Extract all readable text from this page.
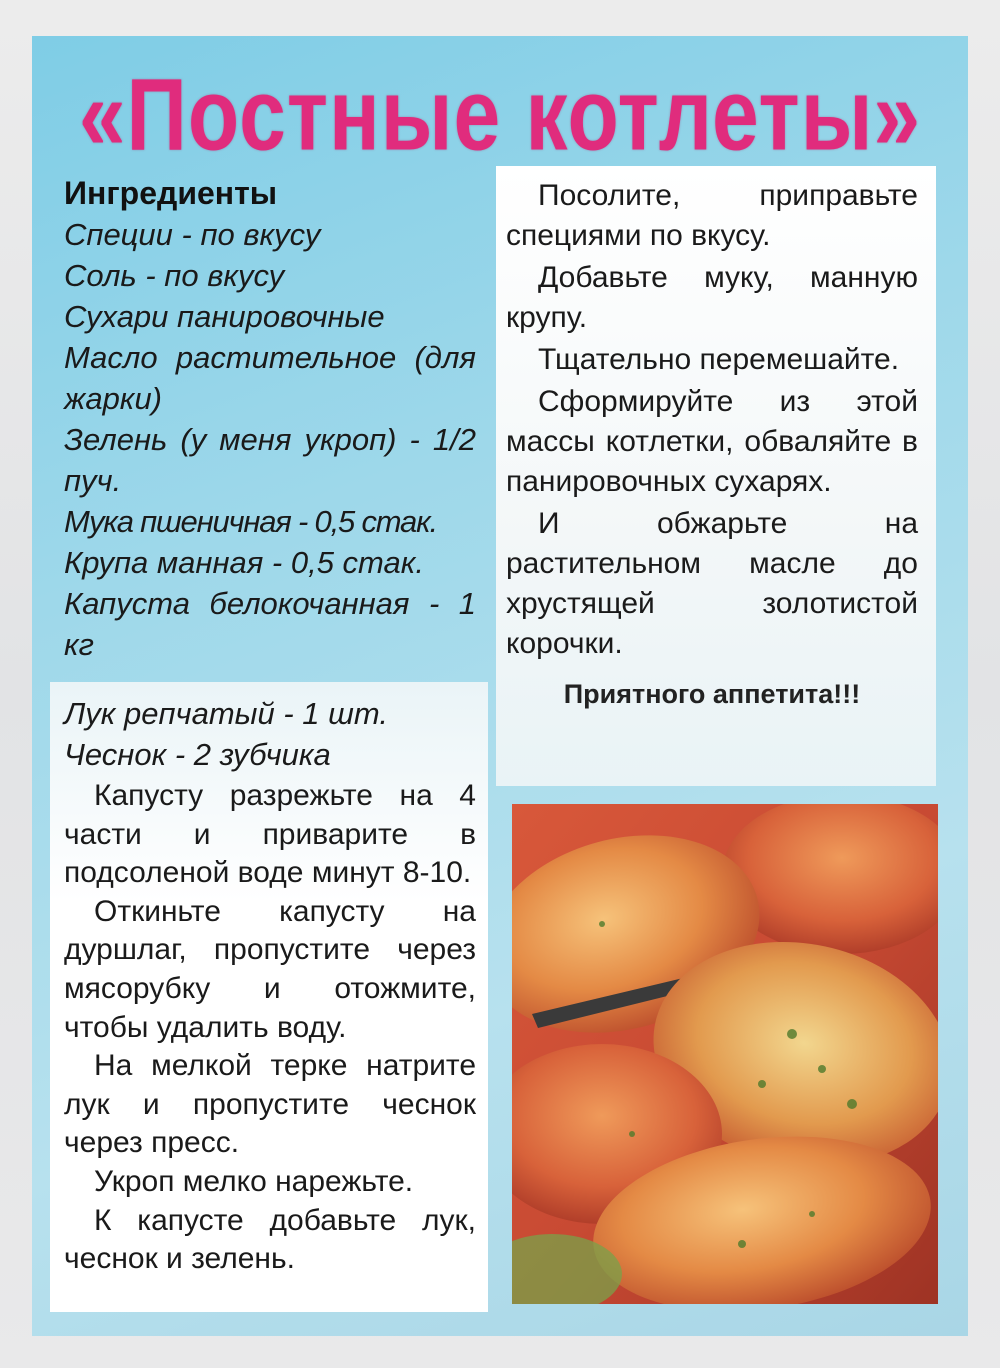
«Постные котлеты»
Ингредиенты
Специи - по вкусу
Соль - по вкусу
Сухари панировочные
Масло растительное (для жарки)
Зелень (у меня укроп) - 1/2 пуч.
Мука пшеничная - 0,5 стак.
Крупа манная - 0,5 стак.
Капуста белокочанная - 1 кг
Лук репчатый - 1 шт.
Чеснок - 2 зубчика

Капусту разрежьте на 4 части и приварите в подсоленой воде минут 8-10.

Откиньте капусту на дуршлаг, пропустите через мясорубку и отожмите, чтобы удалить воду.

На мелкой терке натрите лук и пропустите чеснок через пресс.

Укроп мелко нарежьте.

К капусте добавьте лук, чеснок и зелень.

Посолите, приправьте специями по вкусу.

Добавьте муку, манную крупу.

Тщательно перемешайте.

Сформируйте из этой массы котлетки, обваляйте в панировочных сухарях.

И обжарьте на растительном масле до хрустящей золотистой корочки.

Приятного аппетита!!!
